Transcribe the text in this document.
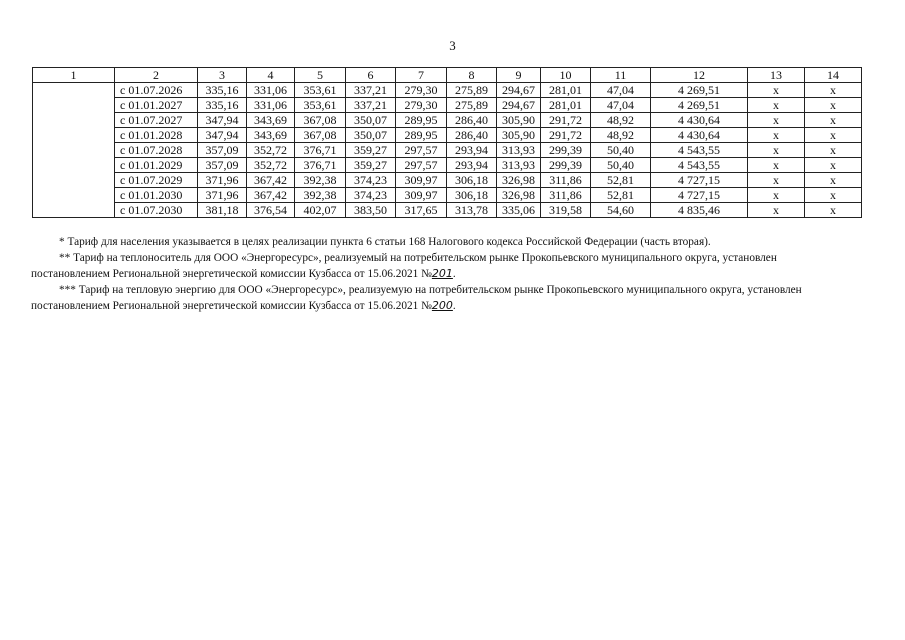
3
1	2	3	4	5	6	7	8	9	10	11	12	13	14
	с 01.07.2026	335,16	331,06	353,61	337,21	279,30	275,89	294,67	281,01	47,04	4 269,51	х	х
	с 01.01.2027	335,16	331,06	353,61	337,21	279,30	275,89	294,67	281,01	47,04	4 269,51	х	х
	с 01.07.2027	347,94	343,69	367,08	350,07	289,95	286,40	305,90	291,72	48,92	4 430,64	х	х
	с 01.01.2028	347,94	343,69	367,08	350,07	289,95	286,40	305,90	291,72	48,92	4 430,64	х	х
	с 01.07.2028	357,09	352,72	376,71	359,27	297,57	293,94	313,93	299,39	50,40	4 543,55	х	х
	с 01.01.2029	357,09	352,72	376,71	359,27	297,57	293,94	313,93	299,39	50,40	4 543,55	х	х
	с 01.07.2029	371,96	367,42	392,38	374,23	309,97	306,18	326,98	311,86	52,81	4 727,15	х	х
	с 01.01.2030	371,96	367,42	392,38	374,23	309,97	306,18	326,98	311,86	52,81	4 727,15	х	х
	с 01.07.2030	381,18	376,54	402,07	383,50	317,65	313,78	335,06	319,58	54,60	4 835,46	х	х

* Тариф для населения указывается в целях реализации пункта 6 статьи 168 Налогового кодекса Российской Федерации (часть вторая).

** Тариф на теплоноситель для ООО «Энергоресурс», реализуемый на потребительском рынке Прокопьевского муниципального округа, установлен постановлением Региональной энергетической комиссии Кузбасса от 15.06.2021 №201.

*** Тариф на тепловую энергию для ООО «Энергоресурс», реализуемую на потребительском рынке Прокопьевского муниципального округа, установлен постановлением Региональной энергетической комиссии Кузбасса от 15.06.2021 №200.
